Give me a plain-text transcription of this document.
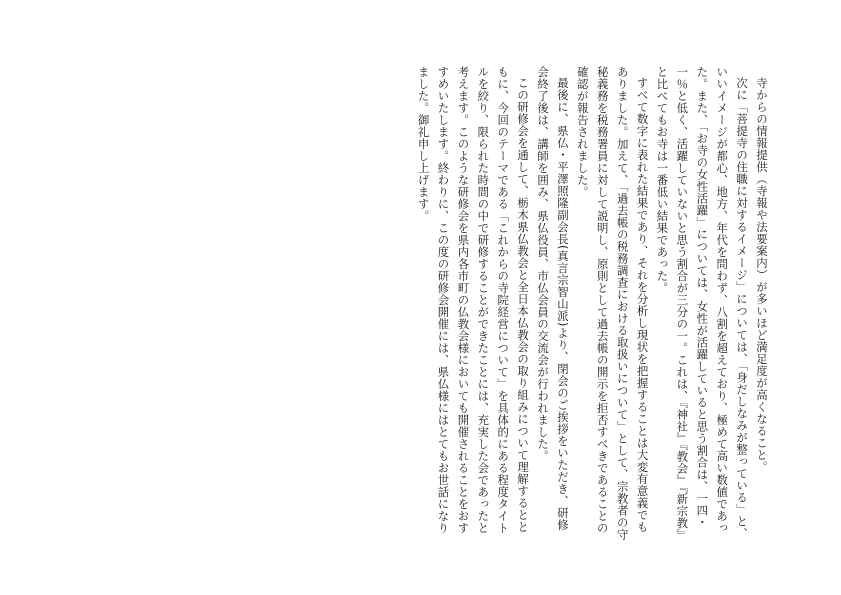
寺からの情報提供（寺報や法要案内）が多いほど満足度が高くなること。

次に「菩提寺の住職に対するイメージ」については、「身だしなみが整っている」と、いいイメージが都心、地方、年代を問わず、八割を超えており、極めて高い数値であった。また、「お寺の女性活躍」については、女性が活躍していると思う割合は、一四・一％と低く、活躍していないと思う割合が三分の一。これは、『神社』『教会』『新宗教』と比べてもお寺は一番低い結果であった。

すべて数字に表れた結果であり、それを分析し現状を把握することは大変有意義でもありました。加えて、「過去帳の税務調査における取扱いについて」として、宗教者の守秘義務を税務署員に対して説明し、原則として過去帳の開示を拒否すべきであることの確認が報告されました。

最後に、県仏・平澤照隆副会長(真言宗智山派)より、閉会のご挨拶をいただき、研修会終了後は、講師を囲み、県仏役員、市仏会員の交流会が行われました。

この研修会を通して、栃木県仏教会と全日本仏教会の取り組みについて理解するとともに、今回のテーマである「これからの寺院経営について」を具体的にある程度タイトルを絞り、限られた時間の中で研修することができたことには、充実した会であったと考えます。このような研修会を県内各市町の仏教会様においても開催されることをおすすめいたします。終わりに、この度の研修会開催には、県仏様にはとてもお世話になりました。御礼申し上げます。
